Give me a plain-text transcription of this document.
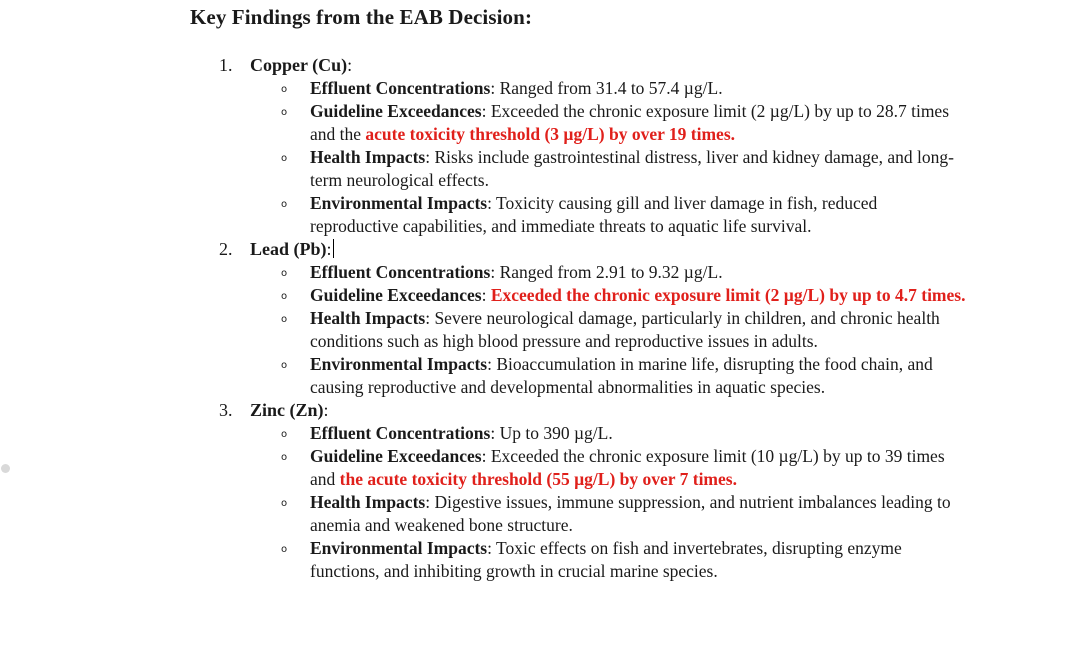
Key Findings from the EAB Decision:
1. Copper (Cu):
o Effluent Concentrations: Ranged from 31.4 to 57.4 µg/L.
o Guideline Exceedances: Exceeded the chronic exposure limit (2 µg/L) by up to 28.7 times and the acute toxicity threshold (3 µg/L) by over 19 times.
o Health Impacts: Risks include gastrointestinal distress, liver and kidney damage, and long-term neurological effects.
o Environmental Impacts: Toxicity causing gill and liver damage in fish, reduced reproductive capabilities, and immediate threats to aquatic life survival.
2. Lead (Pb):
o Effluent Concentrations: Ranged from 2.91 to 9.32 µg/L.
o Guideline Exceedances: Exceeded the chronic exposure limit (2 µg/L) by up to 4.7 times.
o Health Impacts: Severe neurological damage, particularly in children, and chronic health conditions such as high blood pressure and reproductive issues in adults.
o Environmental Impacts: Bioaccumulation in marine life, disrupting the food chain, and causing reproductive and developmental abnormalities in aquatic species.
3. Zinc (Zn):
o Effluent Concentrations: Up to 390 µg/L.
o Guideline Exceedances: Exceeded the chronic exposure limit (10 µg/L) by up to 39 times and the acute toxicity threshold (55 µg/L) by over 7 times.
o Health Impacts: Digestive issues, immune suppression, and nutrient imbalances leading to anemia and weakened bone structure.
o Environmental Impacts: Toxic effects on fish and invertebrates, disrupting enzyme functions, and inhibiting growth in crucial marine species.
